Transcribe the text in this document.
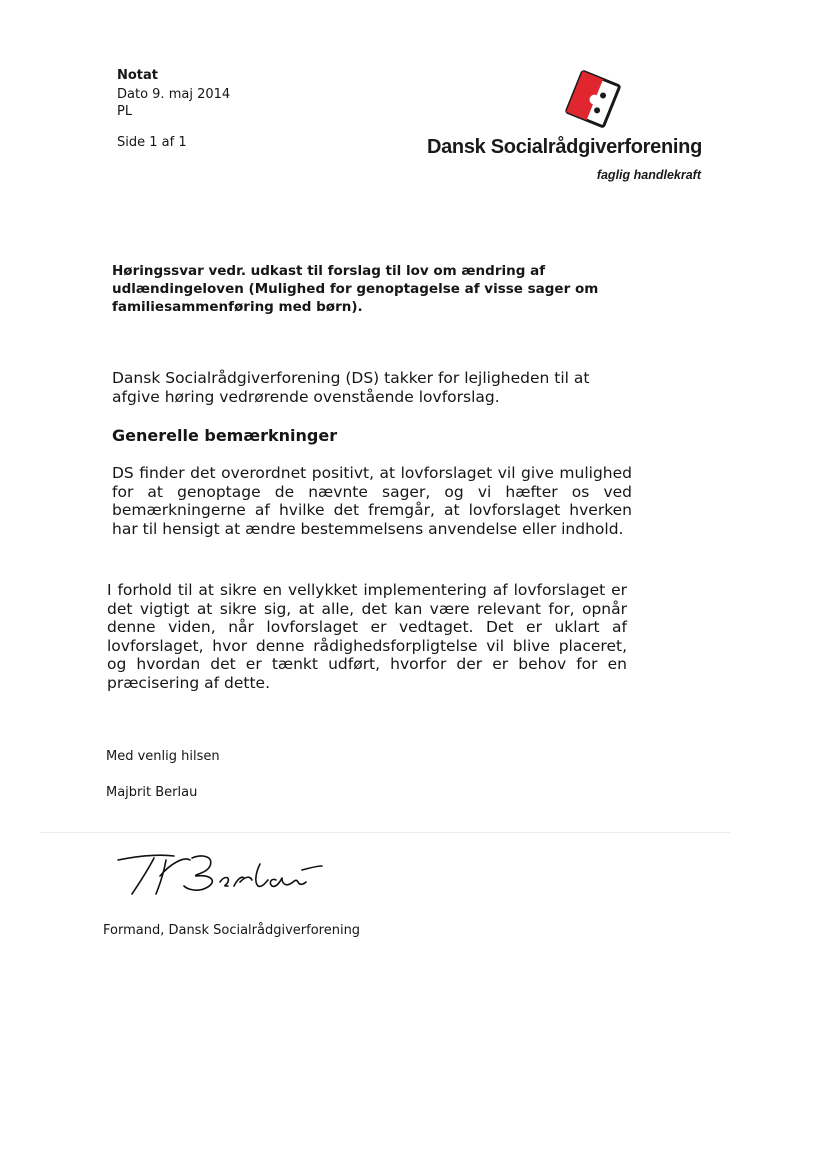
Notat
Dato 9. maj 2014
PL
Side 1 af 1	Dansk Socialrådgiverforening
faglig handlekraft
Høringssvar vedr. udkast til forslag til lov om ændring af udlændingeloven (Mulighed for genoptagelse af visse sager om familiesammenføring med børn).
Dansk Socialrådgiverforening (DS) takker for lejligheden til at afgive høring vedrørende ovenstående lovforslag.
Generelle bemærkninger
DS finder det overordnet positivt, at lovforslaget vil give mulighed for at genoptage de nævnte sager, og vi hæfter os ved bemærkningerne af hvilke det fremgår, at lovforslaget hverken har til hensigt at ændre bestemmelsens anvendelse eller indhold.
I forhold til at sikre en vellykket implementering af lovforslaget er det vigtigt at sikre sig, at alle, det kan være relevant for, opnår denne viden, når lovforslaget er vedtaget. Det er uklart af lovforslaget, hvor denne rådighedsforpligtelse vil blive placeret, og hvordan det er tænkt udført, hvorfor der er behov for en præcisering af dette.
Med venlig hilsen
Majbrit Berlau
Formand, Dansk Socialrådgiverforening
